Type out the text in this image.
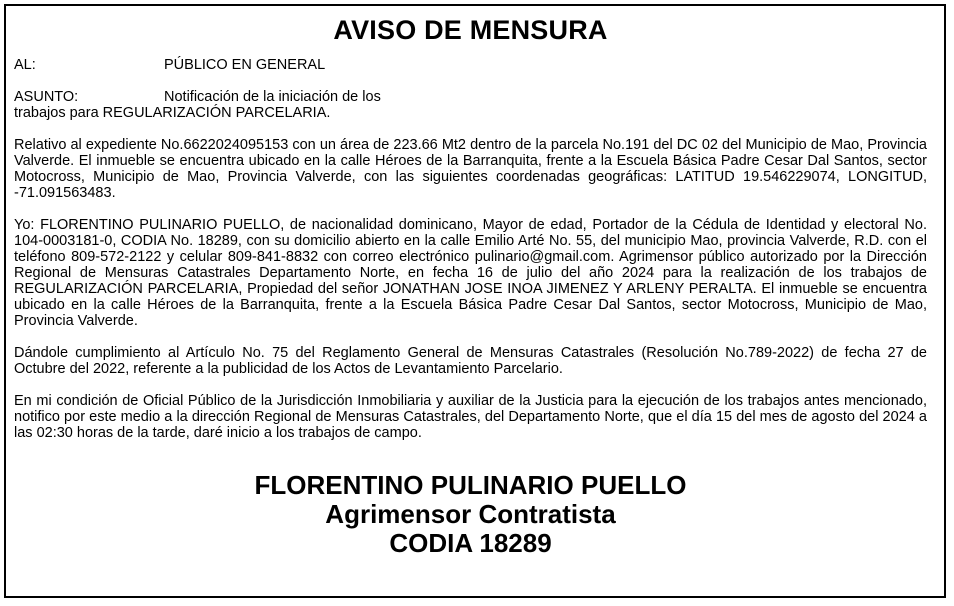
AVISO DE MENSURA
AL:	PÚBLICO EN GENERAL
ASUNTO:	Notificación de la iniciación de los
trabajos para REGULARIZACIÓN PARCELARIA.

Relativo al expediente No.6622024095153 con un área de 223.66 Mt2 dentro de la parcela No.191 del DC 02 del Municipio de Mao, Provincia Valverde. El inmueble se encuentra ubicado en la calle Héroes de la Barranquita, frente a la Escuela Básica Padre Cesar Dal Santos, sector Motocross, Municipio de Mao, Provincia Valverde, con las siguientes coordenadas geográficas: LATITUD 19.546229074, LONGITUD, -71.091563483.

Yo: FLORENTINO PULINARIO PUELLO, de nacionalidad dominicano, Mayor de edad, Portador de la Cédula de Identidad y electoral No. 104-0003181-0, CODIA No. 18289, con su domicilio abierto en la calle Emilio Arté No. 55, del municipio Mao, provincia Valverde, R.D. con el teléfono 809-572-2122 y celular 809-841-8832 con correo electrónico pulinario@gmail.com. Agrimensor público autorizado por la Dirección Regional de Mensuras Catastrales Departamento Norte, en fecha 16 de julio del año 2024 para la realización de los trabajos de REGULARIZACIÓN PARCELARIA, Propiedad del señor JONATHAN JOSE INOA JIMENEZ Y ARLENY PERALTA. El inmueble se encuentra ubicado en la calle Héroes de la Barranquita, frente a la Escuela Básica Padre Cesar Dal Santos, sector Motocross, Municipio de Mao, Provincia Valverde.

Dándole cumplimiento al Artículo No. 75 del Reglamento General de Mensuras Catastrales (Resolución No.789-2022) de fecha 27 de Octubre del 2022, referente a la publicidad de los Actos de Levantamiento Parcelario.

En mi condición de Oficial Público de la Jurisdicción Inmobiliaria y auxiliar de la Justicia para la ejecución de los trabajos antes mencionado, notifico por este medio a la dirección Regional de Mensuras Catastrales, del Departamento Norte, que el día 15 del mes de agosto del 2024 a las 02:30 horas de la tarde, daré inicio a los trabajos de campo.

FLORENTINO PULINARIO PUELLO
Agrimensor Contratista
CODIA 18289
